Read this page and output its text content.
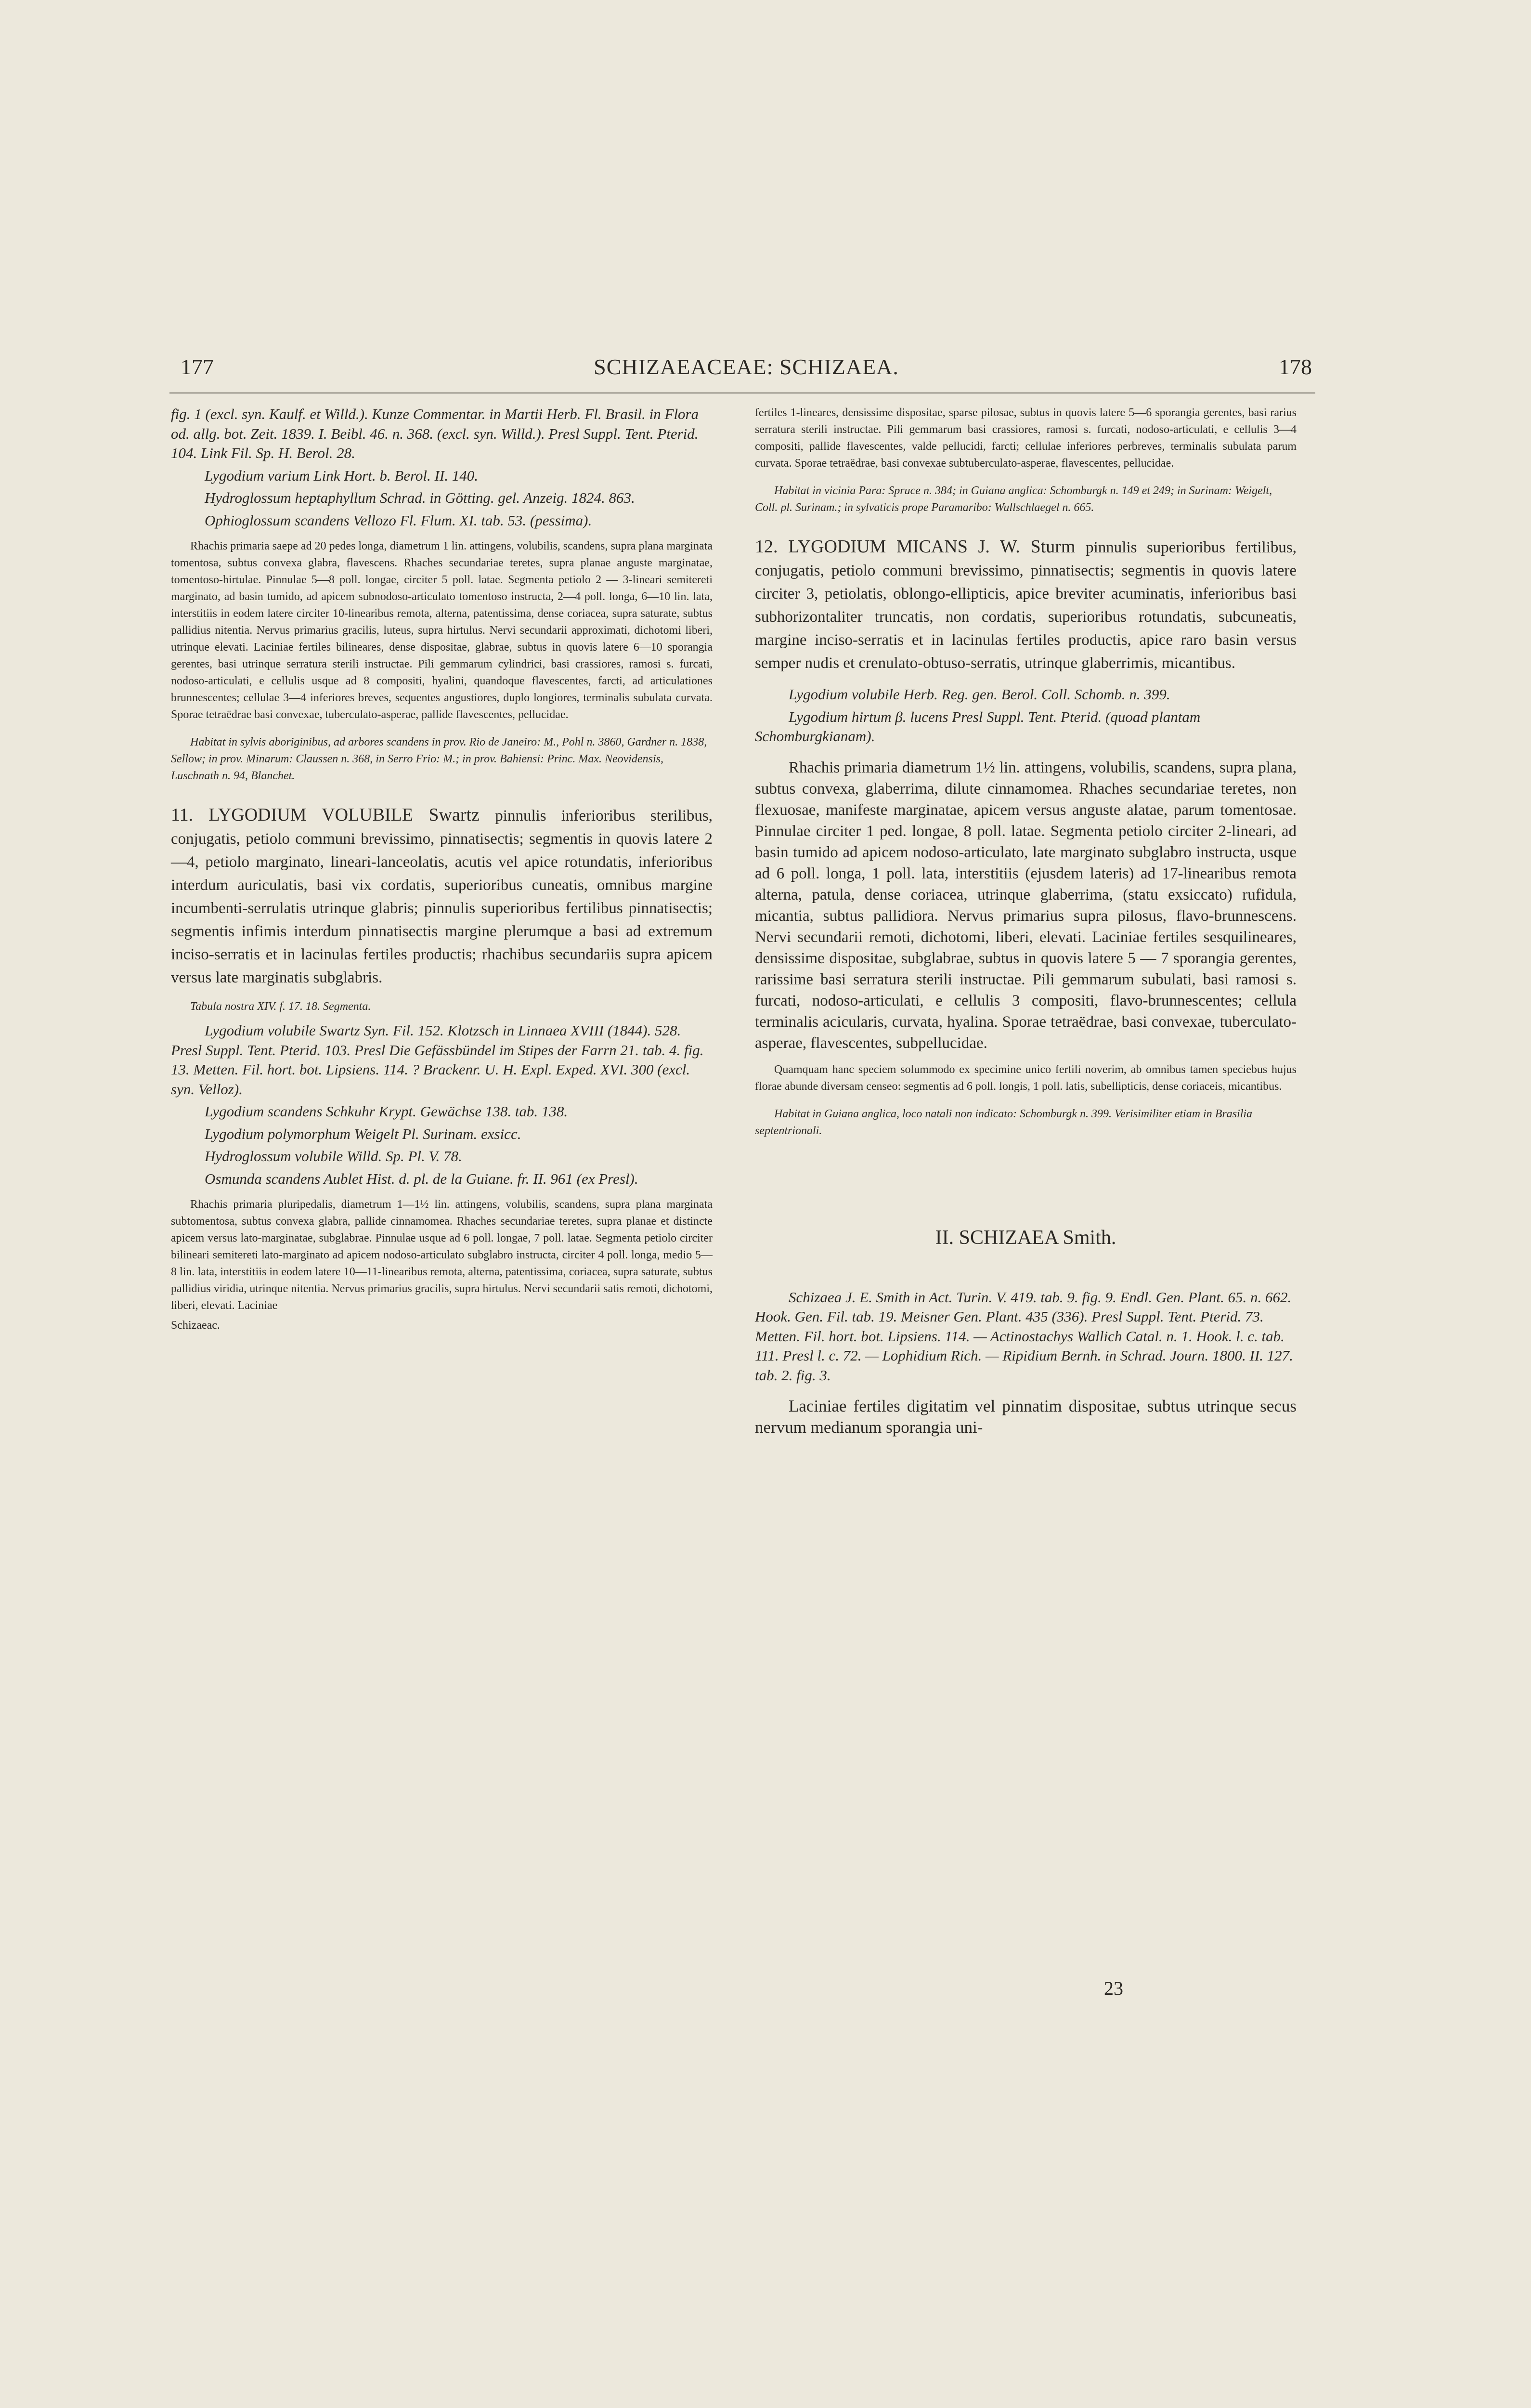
177	SCHIZAEACEAE: SCHIZAEA.	178

fig. 1 (excl. syn. Kaulf. et Willd.). Kunze Commentar. in Martii Herb. Fl. Brasil. in Flora od. allg. bot. Zeit. 1839. I. Beibl. 46. n. 368. (excl. syn. Willd.). Presl Suppl. Tent. Pterid. 104. Link Fil. Sp. H. Berol. 28.

Lygodium varium Link Hort. b. Berol. II. 140.

Hydroglossum heptaphyllum Schrad. in Götting. gel. Anzeig. 1824. 863.

Ophioglossum scandens Vellozo Fl. Flum. XI. tab. 53. (pessima).

Rhachis primaria saepe ad 20 pedes longa, diametrum 1 lin. attingens, volubilis, scandens, supra plana marginata tomentosa, subtus convexa glabra, flavescens. Rhaches secundariae teretes, supra planae anguste marginatae, tomentoso-hirtulae. Pinnulae 5—8 poll. longae, circiter 5 poll. latae. Segmenta petiolo 2 — 3-lineari semitereti marginato, ad basin tumido, ad apicem subnodoso-articulato tomentoso instructa, 2—4 poll. longa, 6—10 lin. lata, interstitiis in eodem latere circiter 10-linearibus remota, alterna, patentissima, dense coriacea, supra saturate, subtus pallidius nitentia. Nervus primarius gracilis, luteus, supra hirtulus. Nervi secundarii approximati, dichotomi liberi, utrinque elevati. Laciniae fertiles bilineares, dense dispositae, glabrae, subtus in quovis latere 6—10 sporangia gerentes, basi utrinque serratura sterili instructae. Pili gemmarum cylindrici, basi crassiores, ramosi s. furcati, nodoso-articulati, e cellulis usque ad 8 compositi, hyalini, quandoque flavescentes, farcti, ad articulationes brunnescentes; cellulae 3—4 inferiores breves, sequentes angustiores, duplo longiores, terminalis subulata curvata. Sporae tetraëdrae basi convexae, tuberculato-asperae, pallide flavescentes, pellucidae.

Habitat in sylvis aboriginibus, ad arbores scandens in prov. Rio de Janeiro: M., Pohl n. 3860, Gardner n. 1838, Sellow; in prov. Minarum: Claussen n. 368, in Serro Frio: M.; in prov. Bahiensi: Princ. Max. Neovidensis, Luschnath n. 94, Blanchet.

11. LYGODIUM VOLUBILE Swartz pinnulis inferioribus sterilibus, conjugatis, petiolo communi brevissimo, pinnatisectis; segmentis in quovis latere 2—4, petiolo marginato, lineari-lanceolatis, acutis vel apice rotundatis, inferioribus interdum auriculatis, basi vix cordatis, superioribus cuneatis, omnibus margine incumbenti-serrulatis utrinque glabris; pinnulis superioribus fertilibus pinnatisectis; segmentis infimis interdum pinnatisectis margine plerumque a basi ad extremum inciso-serratis et in lacinulas fertiles productis; rhachibus secundariis supra apicem versus late marginatis subglabris.

Tabula nostra XIV. f. 17. 18. Segmenta.

Lygodium volubile Swartz Syn. Fil. 152. Klotzsch in Linnaea XVIII (1844). 528. Presl Suppl. Tent. Pterid. 103. Presl Die Gefässbündel im Stipes der Farrn 21. tab. 4. fig. 13. Metten. Fil. hort. bot. Lipsiens. 114. ? Brackenr. U. H. Expl. Exped. XVI. 300 (excl. syn. Velloz).

Lygodium scandens Schkuhr Krypt. Gewächse 138. tab. 138.

Lygodium polymorphum Weigelt Pl. Surinam. exsicc.

Hydroglossum volubile Willd. Sp. Pl. V. 78.

Osmunda scandens Aublet Hist. d. pl. de la Guiane. fr. II. 961 (ex Presl).

Rhachis primaria pluripedalis, diametrum 1—1½ lin. attingens, volubilis, scandens, supra plana marginata subtomentosa, subtus convexa glabra, pallide cinnamomea. Rhaches secundariae teretes, supra planae et distincte apicem versus lato-marginatae, subglabrae. Pinnulae usque ad 6 poll. longae, 7 poll. latae. Segmenta petiolo circiter bilineari semitereti lato-marginato ad apicem nodoso-articulato subglabro instructa, circiter 4 poll. longa, medio 5—8 lin. lata, interstitiis in eodem latere 10—11-linearibus remota, alterna, patentissima, coriacea, supra saturate, subtus pallidius viridia, utrinque nitentia. Nervus primarius gracilis, supra hirtulus. Nervi secundarii satis remoti, dichotomi, liberi, elevati. Laciniae

Schizaeac.

fertiles 1-lineares, densissime dispositae, sparse pilosae, subtus in quovis latere 5—6 sporangia gerentes, basi rarius serratura sterili instructae. Pili gemmarum basi crassiores, ramosi s. furcati, nodoso-articulati, e cellulis 3—4 compositi, pallide flavescentes, valde pellucidi, farcti; cellulae inferiores perbreves, terminalis subulata parum curvata. Sporae tetraëdrae, basi convexae subtuberculato-asperae, flavescentes, pellucidae.

Habitat in vicinia Para: Spruce n. 384; in Guiana anglica: Schomburgk n. 149 et 249; in Surinam: Weigelt, Coll. pl. Surinam.; in sylvaticis prope Paramaribo: Wullschlaegel n. 665.

12. LYGODIUM MICANS J. W. Sturm pinnulis superioribus fertilibus, conjugatis, petiolo communi brevissimo, pinnatisectis; segmentis in quovis latere circiter 3, petiolatis, oblongo-ellipticis, apice breviter acuminatis, inferioribus basi subhorizontaliter truncatis, non cordatis, superioribus rotundatis, subcuneatis, margine inciso-serratis et in lacinulas fertiles productis, apice raro basin versus semper nudis et crenulato-obtuso-serratis, utrinque glaberrimis, micantibus.

Lygodium volubile Herb. Reg. gen. Berol. Coll. Schomb. n. 399.

Lygodium hirtum β. lucens Presl Suppl. Tent. Pterid. (quoad plantam Schomburgkianam).

Rhachis primaria diametrum 1½ lin. attingens, volubilis, scandens, supra plana, subtus convexa, glaberrima, dilute cinnamomea. Rhaches secundariae teretes, non flexuosae, manifeste marginatae, apicem versus anguste alatae, parum tomentosae. Pinnulae circiter 1 ped. longae, 8 poll. latae. Segmenta petiolo circiter 2-lineari, ad basin tumido ad apicem nodoso-articulato, late marginato subglabro instructa, usque ad 6 poll. longa, 1 poll. lata, interstitiis (ejusdem lateris) ad 17-linearibus remota alterna, patula, dense coriacea, utrinque glaberrima, (statu exsiccato) rufidula, micantia, subtus pallidiora. Nervus primarius supra pilosus, flavo-brunnescens. Nervi secundarii remoti, dichotomi, liberi, elevati. Laciniae fertiles sesquilineares, densissime dispositae, subglabrae, subtus in quovis latere 5 — 7 sporangia gerentes, rarissime basi serratura sterili instructae. Pili gemmarum subulati, basi ramosi s. furcati, nodoso-articulati, e cellulis 3 compositi, flavo-brunnescentes; cellula terminalis acicularis, curvata, hyalina. Sporae tetraëdrae, basi convexae, tuberculato-asperae, flavescentes, subpellucidae.

Quamquam hanc speciem solummodo ex specimine unico fertili noverim, ab omnibus tamen speciebus hujus florae abunde diversam censeo: segmentis ad 6 poll. longis, 1 poll. latis, subellipticis, dense coriaceis, micantibus.

Habitat in Guiana anglica, loco natali non indicato: Schomburgk n. 399. Verisimiliter etiam in Brasilia septentrionali.

II. SCHIZAEA Smith.

Schizaea J. E. Smith in Act. Turin. V. 419. tab. 9. fig. 9. Endl. Gen. Plant. 65. n. 662. Hook. Gen. Fil. tab. 19. Meisner Gen. Plant. 435 (336). Presl Suppl. Tent. Pterid. 73. Metten. Fil. hort. bot. Lipsiens. 114. — Actinostachys Wallich Catal. n. 1. Hook. l. c. tab. 111. Presl l. c. 72. — Lophidium Rich. — Ripidium Bernh. in Schrad. Journ. 1800. II. 127. tab. 2. fig. 3.

Laciniae fertiles digitatim vel pinnatim dispositae, subtus utrinque secus nervum medianum sporangia uni-

23
